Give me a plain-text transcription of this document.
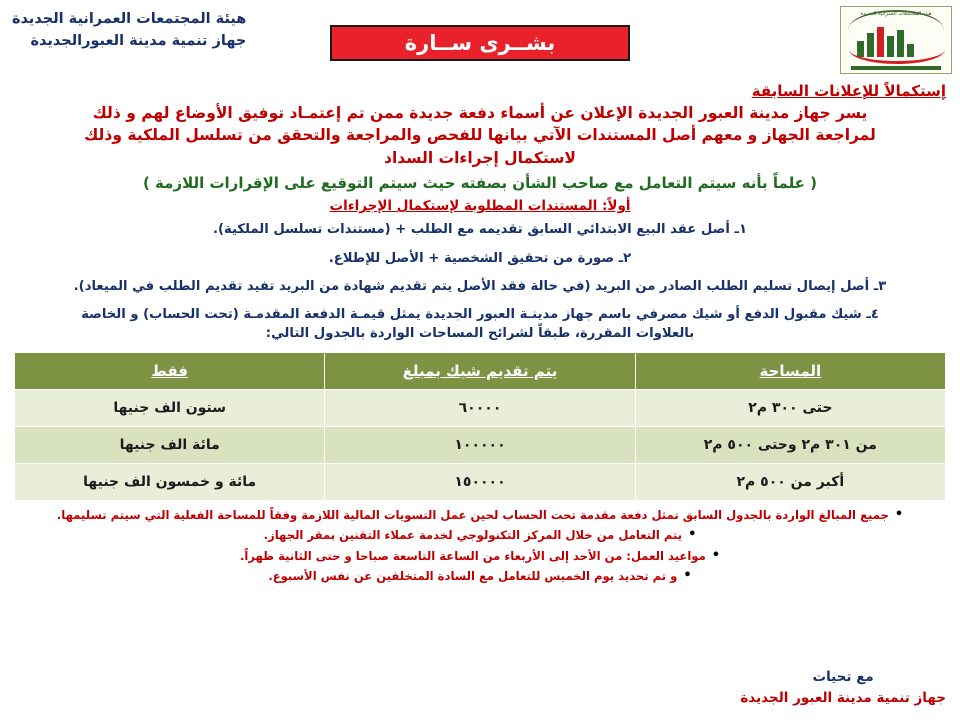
هيئة المجتمعات العمرانية الجديدة
هيئة المجتمعات العمرانية الجديدة
جهاز تنمية مدينة العبورالجديدة	بشــرى ســارة
إستكمالاً للإعلانات السابقة
يسر جهاز مدينة العبور الجديدة الإعلان عن أسماء دفعة جديدة ممن تم إعتمـاد توفيق الأوضاع لهم و ذلك
لمراجعة الجهاز و معهم أصل المستندات الآتي بيانها للفحص والمراجعة والتحقق من تسلسل الملكية وذلك
لاستكمال إجراءات السداد
( علماً بأنه سيتم التعامل مع صاحب الشأن بصفته حيث سيتم التوقيع على الإقرارات اللازمة )
أولاً: المستندات المطلوبة لإستكمال الإجراءات
١ـ أصل عقد البيع الابتدائي السابق تقديمه مع الطلب + (مستندات تسلسل الملكية).
٢ـ صورة من تحقيق الشخصية + الأصل للإطلاع.
٣ـ أصل إيصال تسليم الطلب الصادر من البريد (في حالة فقد الأصل يتم تقديم شهادة من البريد تفيد تقديم الطلب في الميعاد).
٤ـ شيك مقبول الدفع أو شيك مصرفي باسم جهاز مدينـة العبور الجديدة يمثل قيمـة الدفعة المقدمـة (تحت الحساب) و الخاصة
بالعلاوات المقررة، طبقاً لشرائح المساحات الواردة بالجدول التالي:
المساحة	يتم تقديم شيك بمبلغ	فقط
حتى ٣٠٠ م٢	٦٠٠٠٠	ستون الف جنيها
من ٣٠١ م٢ وحتى ٥٠٠ م٢	١٠٠٠٠٠	مائة الف جنيها
أكبر من ٥٠٠ م٢	١٥٠٠٠٠	مائة و خمسون الف جنيها
•
جميع المبالغ الواردة بالجدول السابق تمثل دفعة مقدمة تحت الحساب لحين عمل التسويات المالية اللازمة وفقاً للمساحة الفعلية التي سيتم تسليمها.
•
يتم التعامل من خلال المركز التكنولوجي لخدمة عملاء التقنين بمقر الجهاز.
•
مواعيد العمل: من الأحد إلى الأربعاء من الساعة التاسعة صباحا و حتى الثانية ظهراً.
•
و تم تحديد يوم الخميس للتعامل مع السادة المتخلفين عن نفس الأسبوع.
مع تحيات
جهاز تنمية مدينة العبور الجديدة
